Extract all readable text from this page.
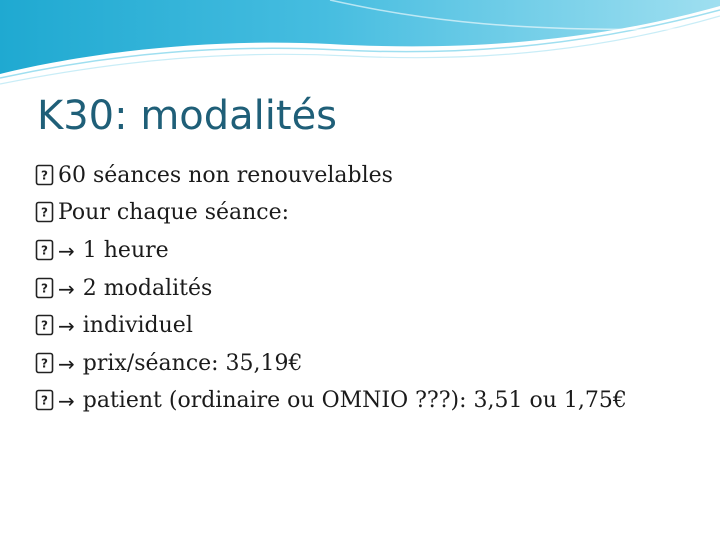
K30: modalités
? 60 séances non renouvelables
? Pour chaque séance:
? → 1 heure
? → 2 modalités
? → individuel
? → prix/séance: 35,19€
? → patient (ordinaire ou OMNIO ???): 3,51 ou 1,75€
